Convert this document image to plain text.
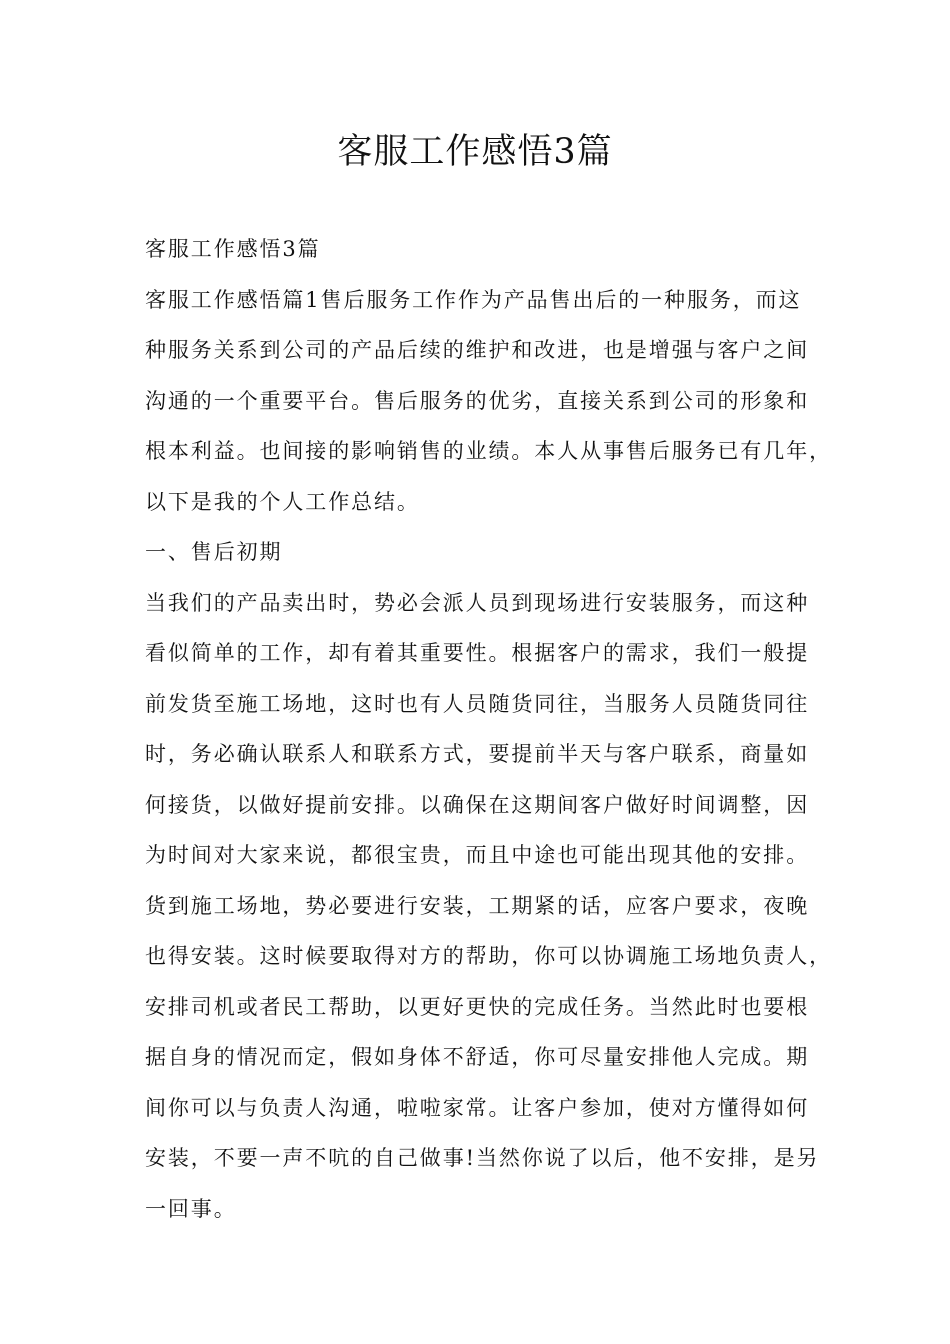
客服工作感悟3篇
客服工作感悟3篇
客服工作感悟篇1售后服务工作作为产品售出后的一种服务，而这
种服务关系到公司的产品后续的维护和改进，也是增强与客户之间
沟通的一个重要平台。售后服务的优劣，直接关系到公司的形象和
根本利益。也间接的影响销售的业绩。本人从事售后服务已有几年，
以下是我的个人工作总结。
一、售后初期
当我们的产品卖出时，势必会派人员到现场进行安装服务，而这种
看似简单的工作，却有着其重要性。根据客户的需求，我们一般提
前发货至施工场地，这时也有人员随货同往，当服务人员随货同往
时，务必确认联系人和联系方式，要提前半天与客户联系，商量如
何接货，以做好提前安排。以确保在这期间客户做好时间调整，因
为时间对大家来说，都很宝贵，而且中途也可能出现其他的安排。
货到施工场地，势必要进行安装，工期紧的话，应客户要求，夜晚
也得安装。这时候要取得对方的帮助，你可以协调施工场地负责人，
安排司机或者民工帮助，以更好更快的完成任务。当然此时也要根
据自身的情况而定，假如身体不舒适，你可尽量安排他人完成。期
间你可以与负责人沟通，啦啦家常。让客户参加，使对方懂得如何
安装，不要一声不吭的自己做事!当然你说了以后，他不安排，是另
一回事。
